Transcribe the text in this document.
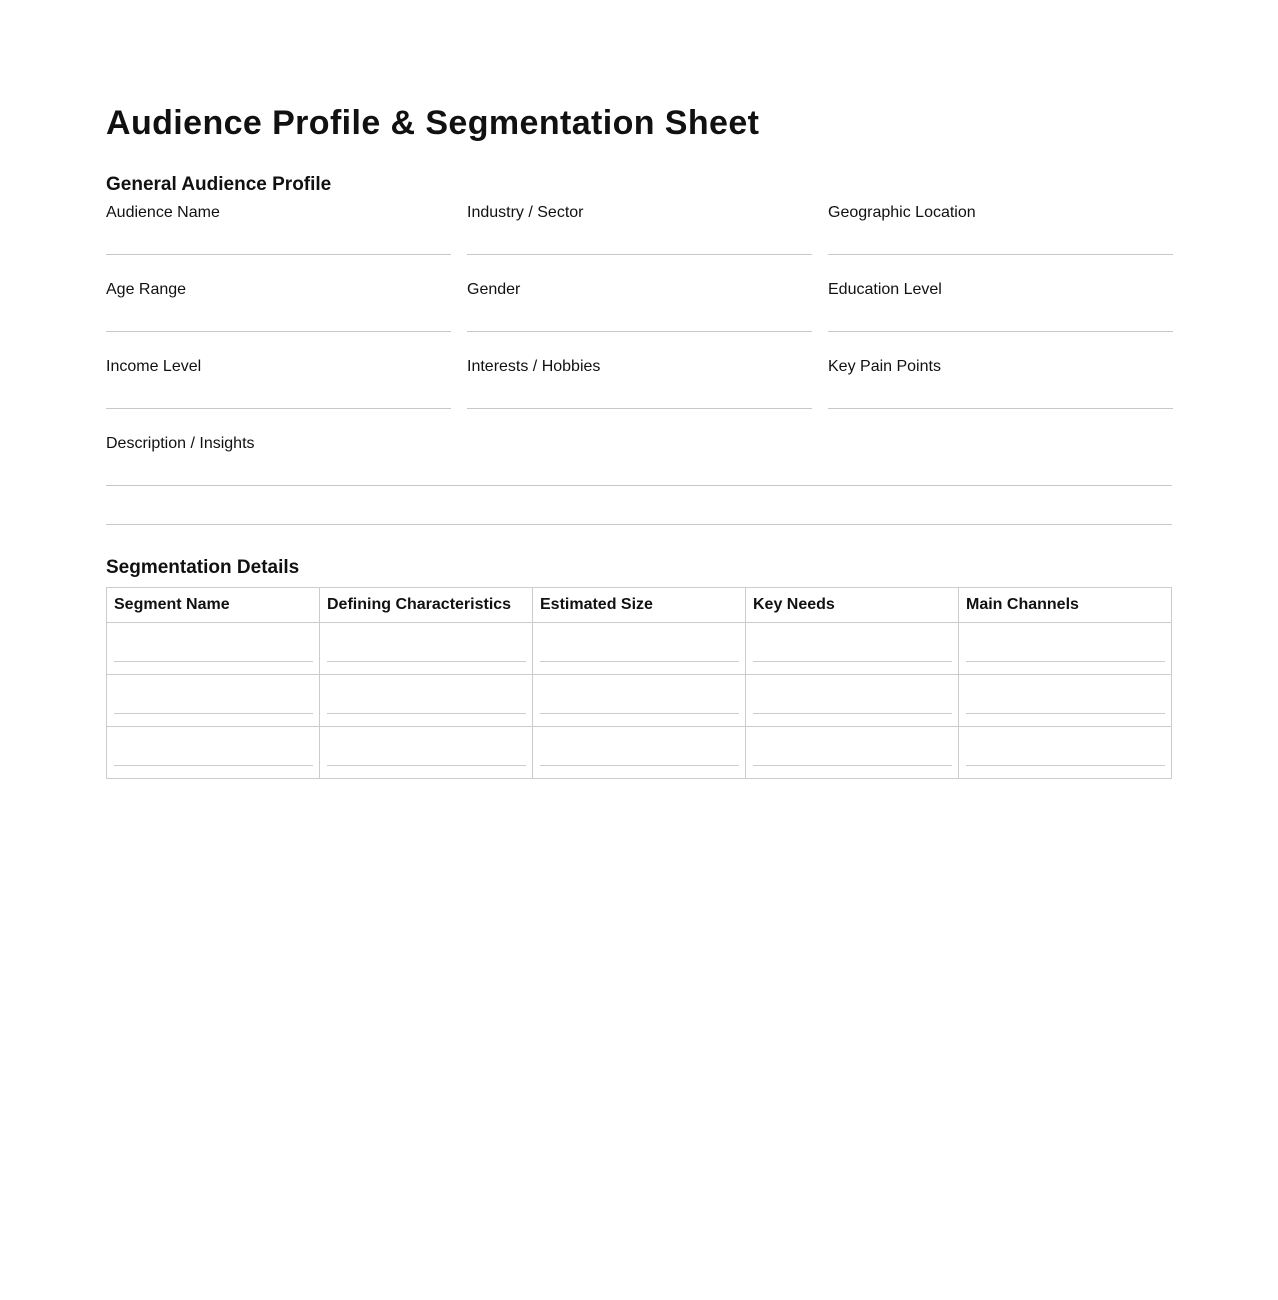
Audience Profile & Segmentation Sheet
General Audience Profile
Audience Name	Industry / Sector	Geographic Location
Age Range	Gender	Education Level
Income Level	Interests / Hobbies	Key Pain Points
Description / Insights
Segmentation Details
Segment Name	Defining Characteristics	Estimated Size	Key Needs	Main Channels
